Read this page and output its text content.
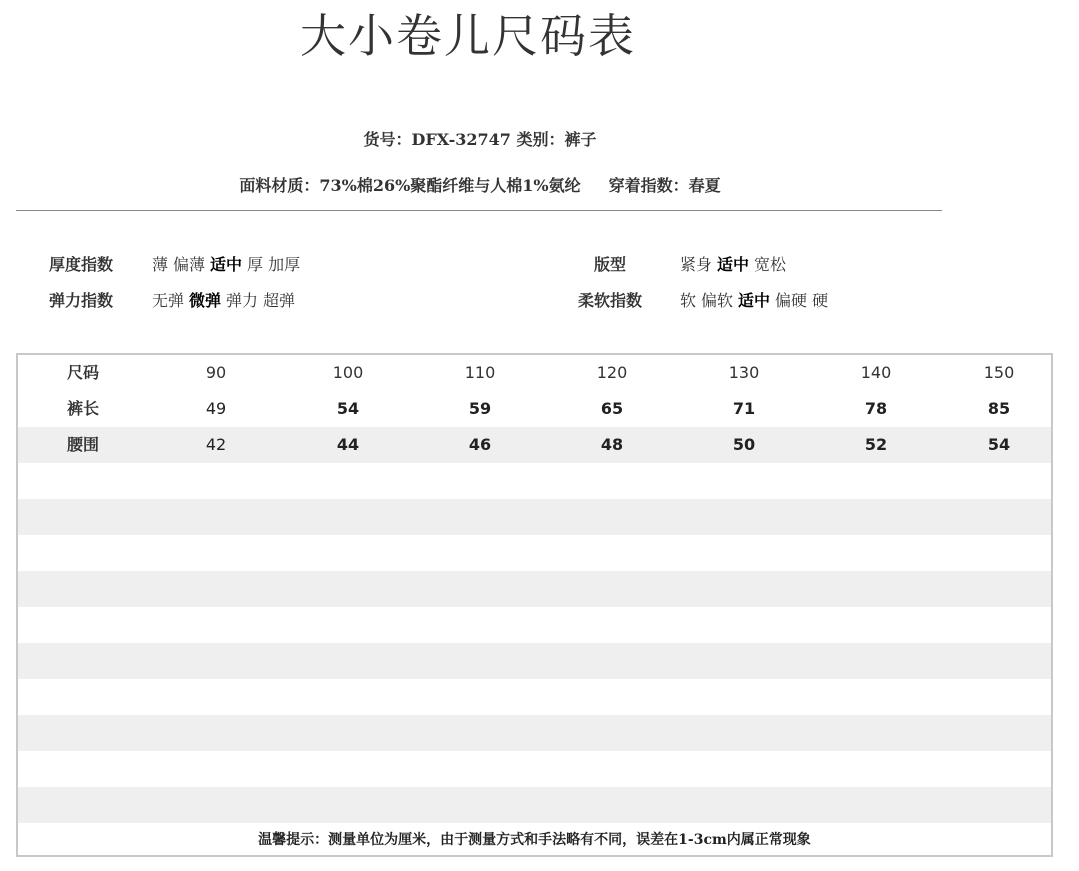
大小卷儿尺码表
货号：DFX-32747 类别：裤子
面料材质：73%棉26%聚酯纤维与人棉1%氨纶 穿着指数：春夏
厚度指数 薄 偏薄 适中 厚 加厚
弹力指数 无弹 微弹 弹力 超弹
版型	紧身 适中 宽松
柔软指数 软 偏软 适中 偏硬 硬
腰围	42	44	46	48	50	52	54
裤长	49	54	59	65	71	78	85
尺码	90	100	110	120	130	140	150
温馨提示：测量单位为厘米，由于测量方式和手法略有不同，误差在1-3cm内属正常现象
